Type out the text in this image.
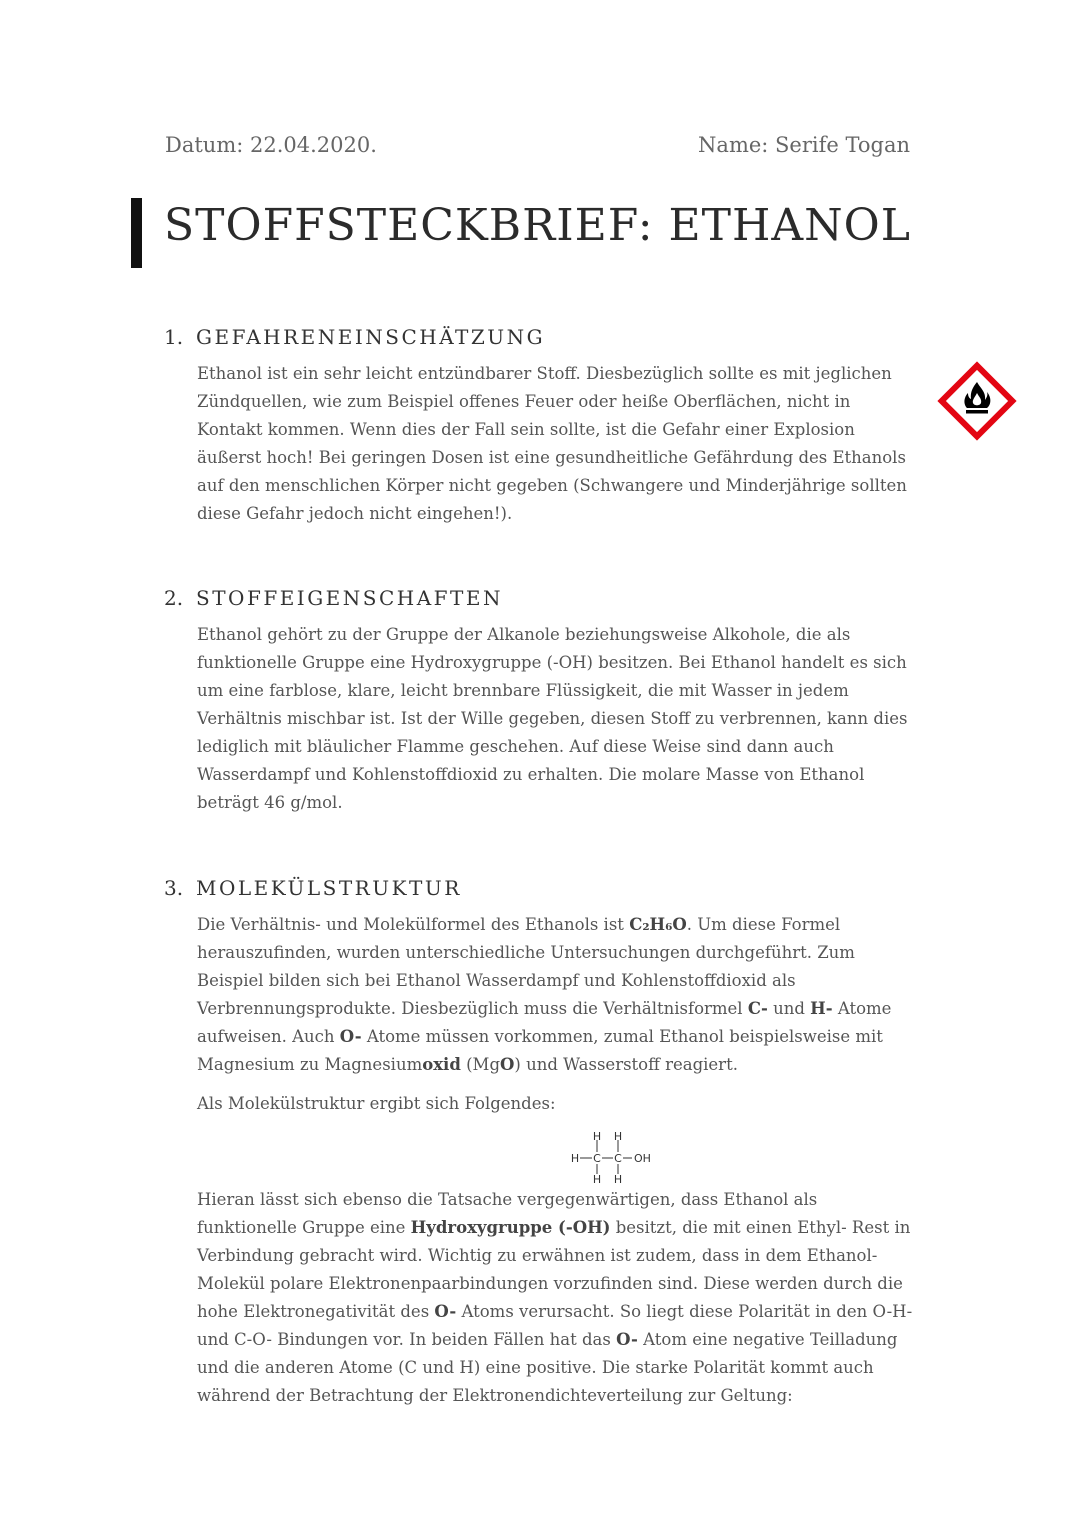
Datum: 22.04.2020.	Name: Serife Togan
STOFFSTECKBRIEF: ETHANOL
1. GEFAHRENEINSCHÄTZUNG
Ethanol ist ein sehr leicht entzündbarer Stoff. Diesbezüglich sollte es mit jeglichen Zündquellen, wie zum Beispiel offenes Feuer oder heiße Oberflächen, nicht in Kontakt kommen. Wenn dies der Fall sein sollte, ist die Gefahr einer Explosion äußerst hoch! Bei geringen Dosen ist eine gesundheitliche Gefährdung des Ethanols auf den menschlichen Körper nicht gegeben (Schwangere und Minderjährige sollten diese Gefahr jedoch nicht eingehen!).
2. STOFFEIGENSCHAFTEN
Ethanol gehört zu der Gruppe der Alkanole beziehungsweise Alkohole, die als funktionelle Gruppe eine Hydroxygruppe (-OH) besitzen. Bei Ethanol handelt es sich um eine farblose, klare, leicht brennbare Flüssigkeit, die mit Wasser in jedem Verhältnis mischbar ist. Ist der Wille gegeben, diesen Stoff zu verbrennen, kann dies lediglich mit bläulicher Flamme geschehen. Auf diese Weise sind dann auch Wasserdampf und Kohlenstoffdioxid zu erhalten. Die molare Masse von Ethanol beträgt 46 g/mol.
3. MOLEKÜLSTRUKTUR
Die Verhältnis- und Molekülformel des Ethanols ist C₂H₆O. Um diese Formel herauszufinden, wurden unterschiedliche Untersuchungen durchgeführt. Zum Beispiel bilden sich bei Ethanol Wasserdampf und Kohlenstoffdioxid als Verbrennungsprodukte. Diesbezüglich muss die Verhältnisformel C- und H- Atome aufweisen. Auch O- Atome müssen vorkommen, zumal Ethanol beispielsweise mit Magnesium zu Magnesiumoxid (MgO) und Wasserstoff reagiert.
Als Molekülstruktur ergibt sich Folgendes:
H H
H C C OH
H H
Hieran lässt sich ebenso die Tatsache vergegenwärtigen, dass Ethanol als funktionelle Gruppe eine Hydroxygruppe (-OH) besitzt, die mit einen Ethyl- Rest in Verbindung gebracht wird. Wichtig zu erwähnen ist zudem, dass in dem Ethanol-Molekül polare Elektronenpaarbindungen vorzufinden sind. Diese werden durch die hohe Elektronegativität des O- Atoms verursacht. So liegt diese Polarität in den O-H- und C-O- Bindungen vor. In beiden Fällen hat das O- Atom eine negative Teilladung und die anderen Atome (C und H) eine positive. Die starke Polarität kommt auch während der Betrachtung der Elektronendichteverteilung zur Geltung:
